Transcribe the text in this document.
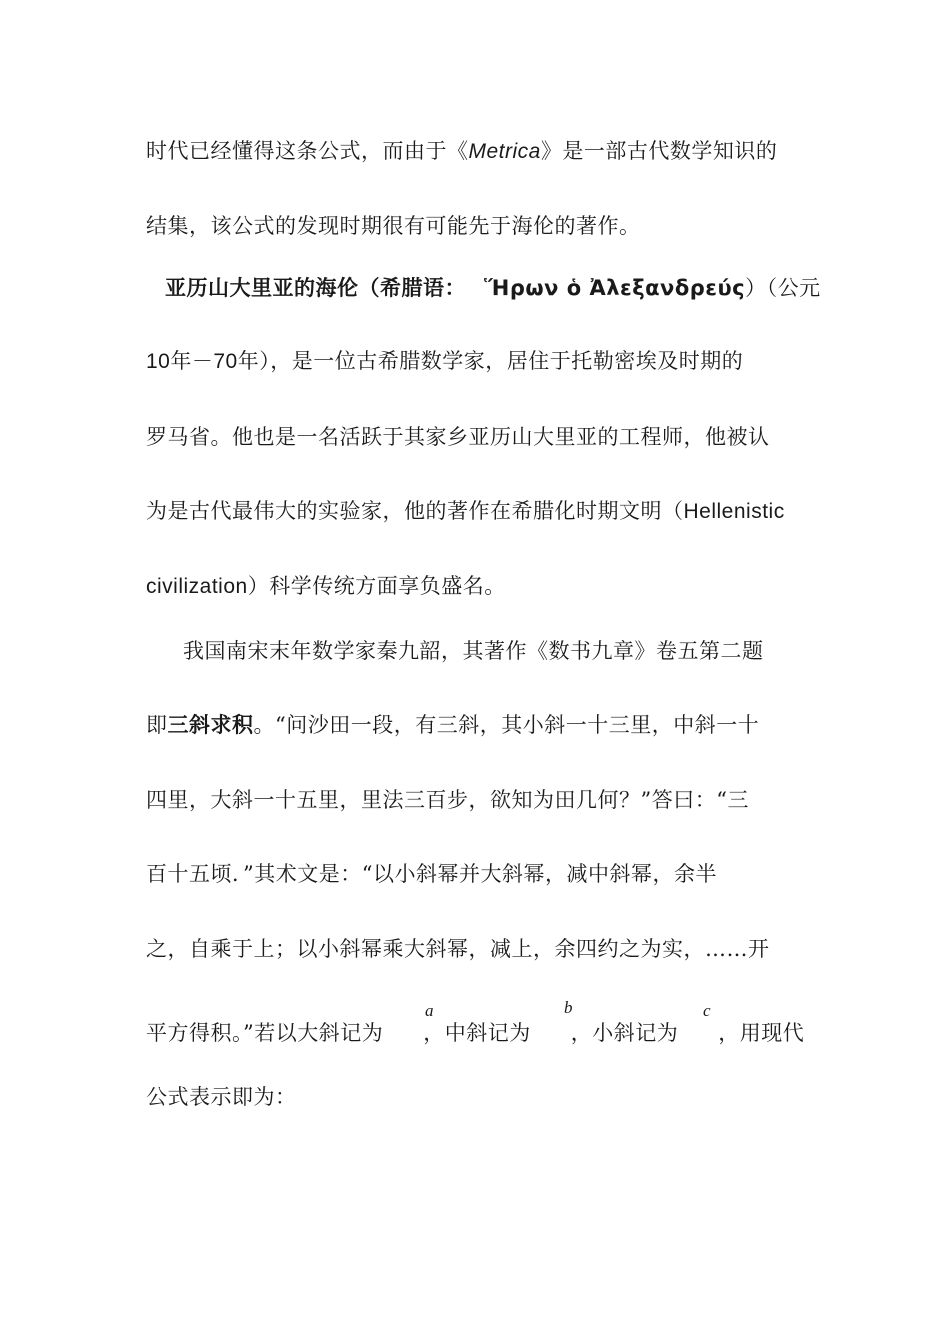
时代已经懂得这条公式，而由于《Metrica》是一部古代数学知识的
结集，该公式的发现时期很有可能先于海伦的著作。
亚历山大里亚的海伦（希腊语： Ἥρων ὁ Ἀλεξανδρεύς）（公元
10年－70年），是一位古希腊数学家，居住于托勒密埃及时期的
罗马省。他也是一名活跃于其家乡亚历山大里亚的工程师，他被认
为是古代最伟大的实验家，他的著作在希腊化时期文明（Hellenistic
civilization）科学传统方面享负盛名。
我国南宋末年数学家秦九韶，其著作《数书九章》卷五第二题
即三斜求积。“问沙田一段，有三斜，其小斜一十三里，中斜一十
四里，大斜一十五里，里法三百步，欲知为田几何？”答曰：“三
百十五顷．”其术文是：“以小斜幂并大斜幂，减中斜幂，余半
之，自乘于上；以小斜幂乘大斜幂，减上，余四约之为实，……开
平方得积。”若以大斜记为 ，中斜记为 ，小斜记为 ，用现代
a	b	c
公式表示即为：
